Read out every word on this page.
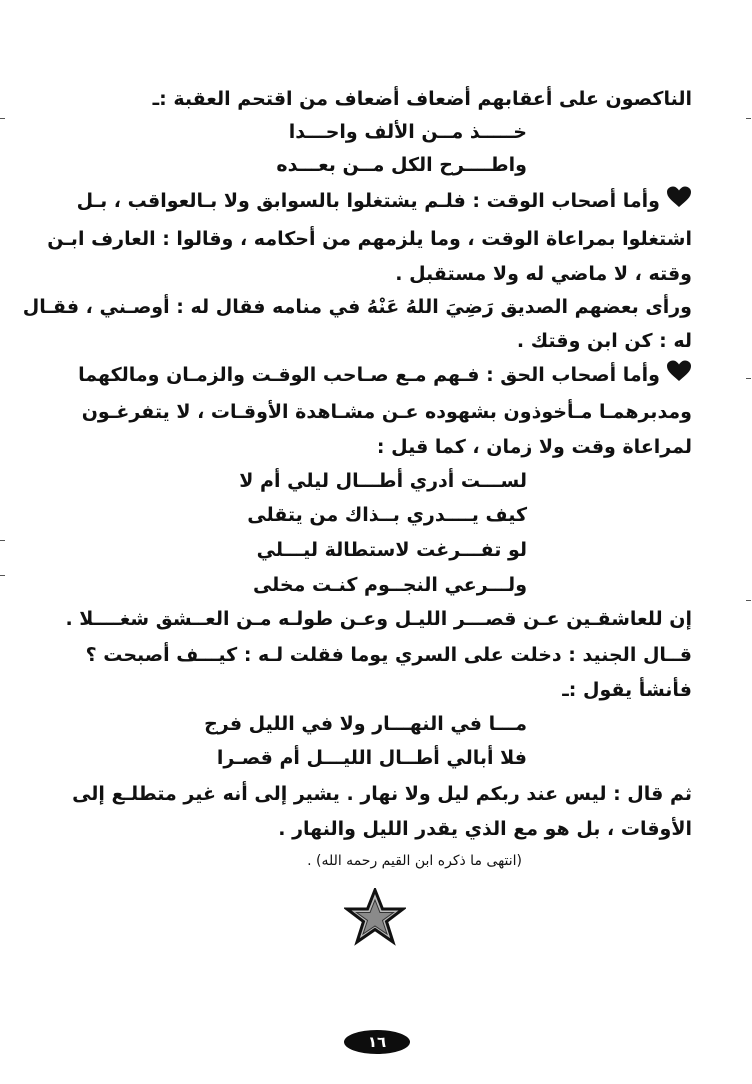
الناكصون على أعقابهم أضعاف أضعاف من اقتحم العقبة :ـ
خـــــذ مــن الألف واحـــدا
واطــــرح الكل مــن بعـــده
وأما أصحاب الوقت : فلـم يشتغلوا بالسوابق ولا بـالعواقب ، بـل
اشتغلوا بمراعاة الوقت ، وما يلزمهم من أحكامه ، وقالوا : العارف ابـن
وقته ، لا ماضي له ولا مستقبل .
ورأى بعضهم الصديق رَضِيَ اللهُ عَنْهُ في منامه فقال له : أوصـني ، فقـال
له : كن ابن وقتك .
وأما أصحاب الحق : فـهم مـع صـاحب الوقـت والزمـان ومالكهما
ومدبرهمـا مـأخوذون بشهوده عـن مشـاهدة الأوقـات ، لا يتفرغـون
لمراعاة وقت ولا زمان ، كما قيل :
لســـت أدري أطـــال ليلي أم لا
كيف يــــدري بــذاك من يتقلى
لو تفـــرغت لاستطالة ليـــلي
ولـــرعي النجــوم كنـت مخلى
إن للعاشقـين عـن قصـــر الليـل وعـن طولـه مـن العــشق شغــــلا .
قــال الجنيد : دخلت على السري يوما فقلت لـه : كيـــف أصبحت ؟
فأنشأ يقول :ـ
مـــا في النهـــار ولا في الليل فرج
فلا أبالي أطــال الليـــل أم قصـرا
ثم قال : ليس عند ربكم ليل ولا نهار . يشير إلى أنه غير متطلـع إلى
الأوقات ، بل هو مع الذي يقدر الليل والنهار .
(انتهى ما ذكره ابن القيم رحمه الله) .
١٦
